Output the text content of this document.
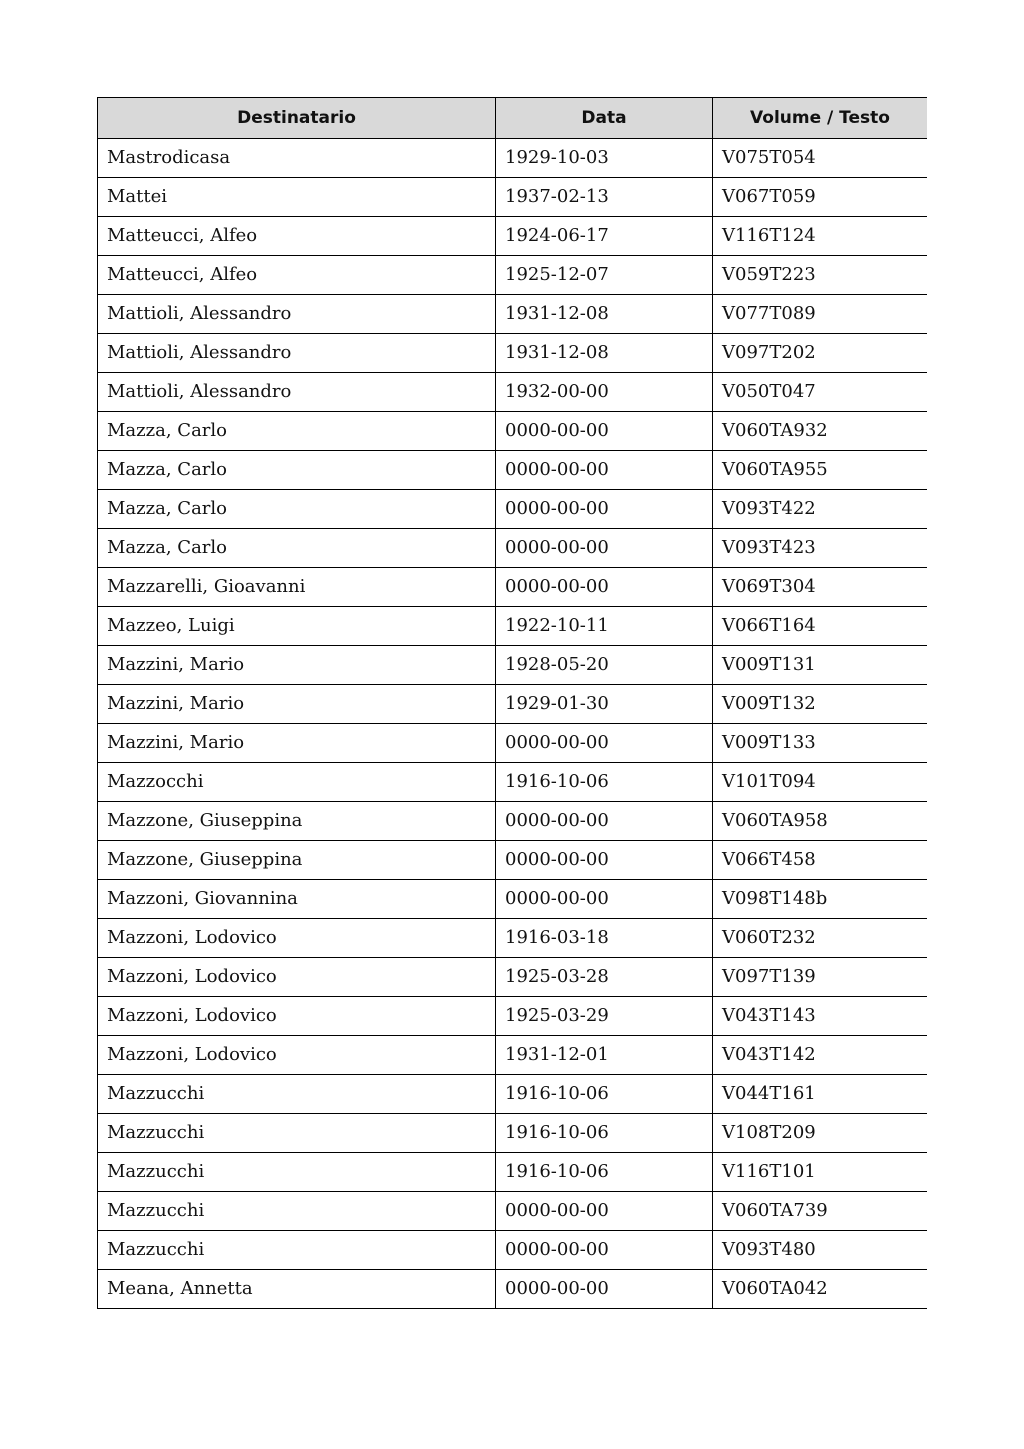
Destinatario	Data	Volume / Testo
Mastrodicasa	1929-10-03	V075T054
Mattei	1937-02-13	V067T059
Matteucci, Alfeo	1924-06-17	V116T124
Matteucci, Alfeo	1925-12-07	V059T223
Mattioli, Alessandro	1931-12-08	V077T089
Mattioli, Alessandro	1931-12-08	V097T202
Mattioli, Alessandro	1932-00-00	V050T047
Mazza, Carlo	0000-00-00	V060TA932
Mazza, Carlo	0000-00-00	V060TA955
Mazza, Carlo	0000-00-00	V093T422
Mazza, Carlo	0000-00-00	V093T423
Mazzarelli, Gioavanni	0000-00-00	V069T304
Mazzeo, Luigi	1922-10-11	V066T164
Mazzini, Mario	1928-05-20	V009T131
Mazzini, Mario	1929-01-30	V009T132
Mazzini, Mario	0000-00-00	V009T133
Mazzocchi	1916-10-06	V101T094
Mazzone, Giuseppina	0000-00-00	V060TA958
Mazzone, Giuseppina	0000-00-00	V066T458
Mazzoni, Giovannina	0000-00-00	V098T148b
Mazzoni, Lodovico	1916-03-18	V060T232
Mazzoni, Lodovico	1925-03-28	V097T139
Mazzoni, Lodovico	1925-03-29	V043T143
Mazzoni, Lodovico	1931-12-01	V043T142
Mazzucchi	1916-10-06	V044T161
Mazzucchi	1916-10-06	V108T209
Mazzucchi	1916-10-06	V116T101
Mazzucchi	0000-00-00	V060TA739
Mazzucchi	0000-00-00	V093T480
Meana, Annetta	0000-00-00	V060TA042
